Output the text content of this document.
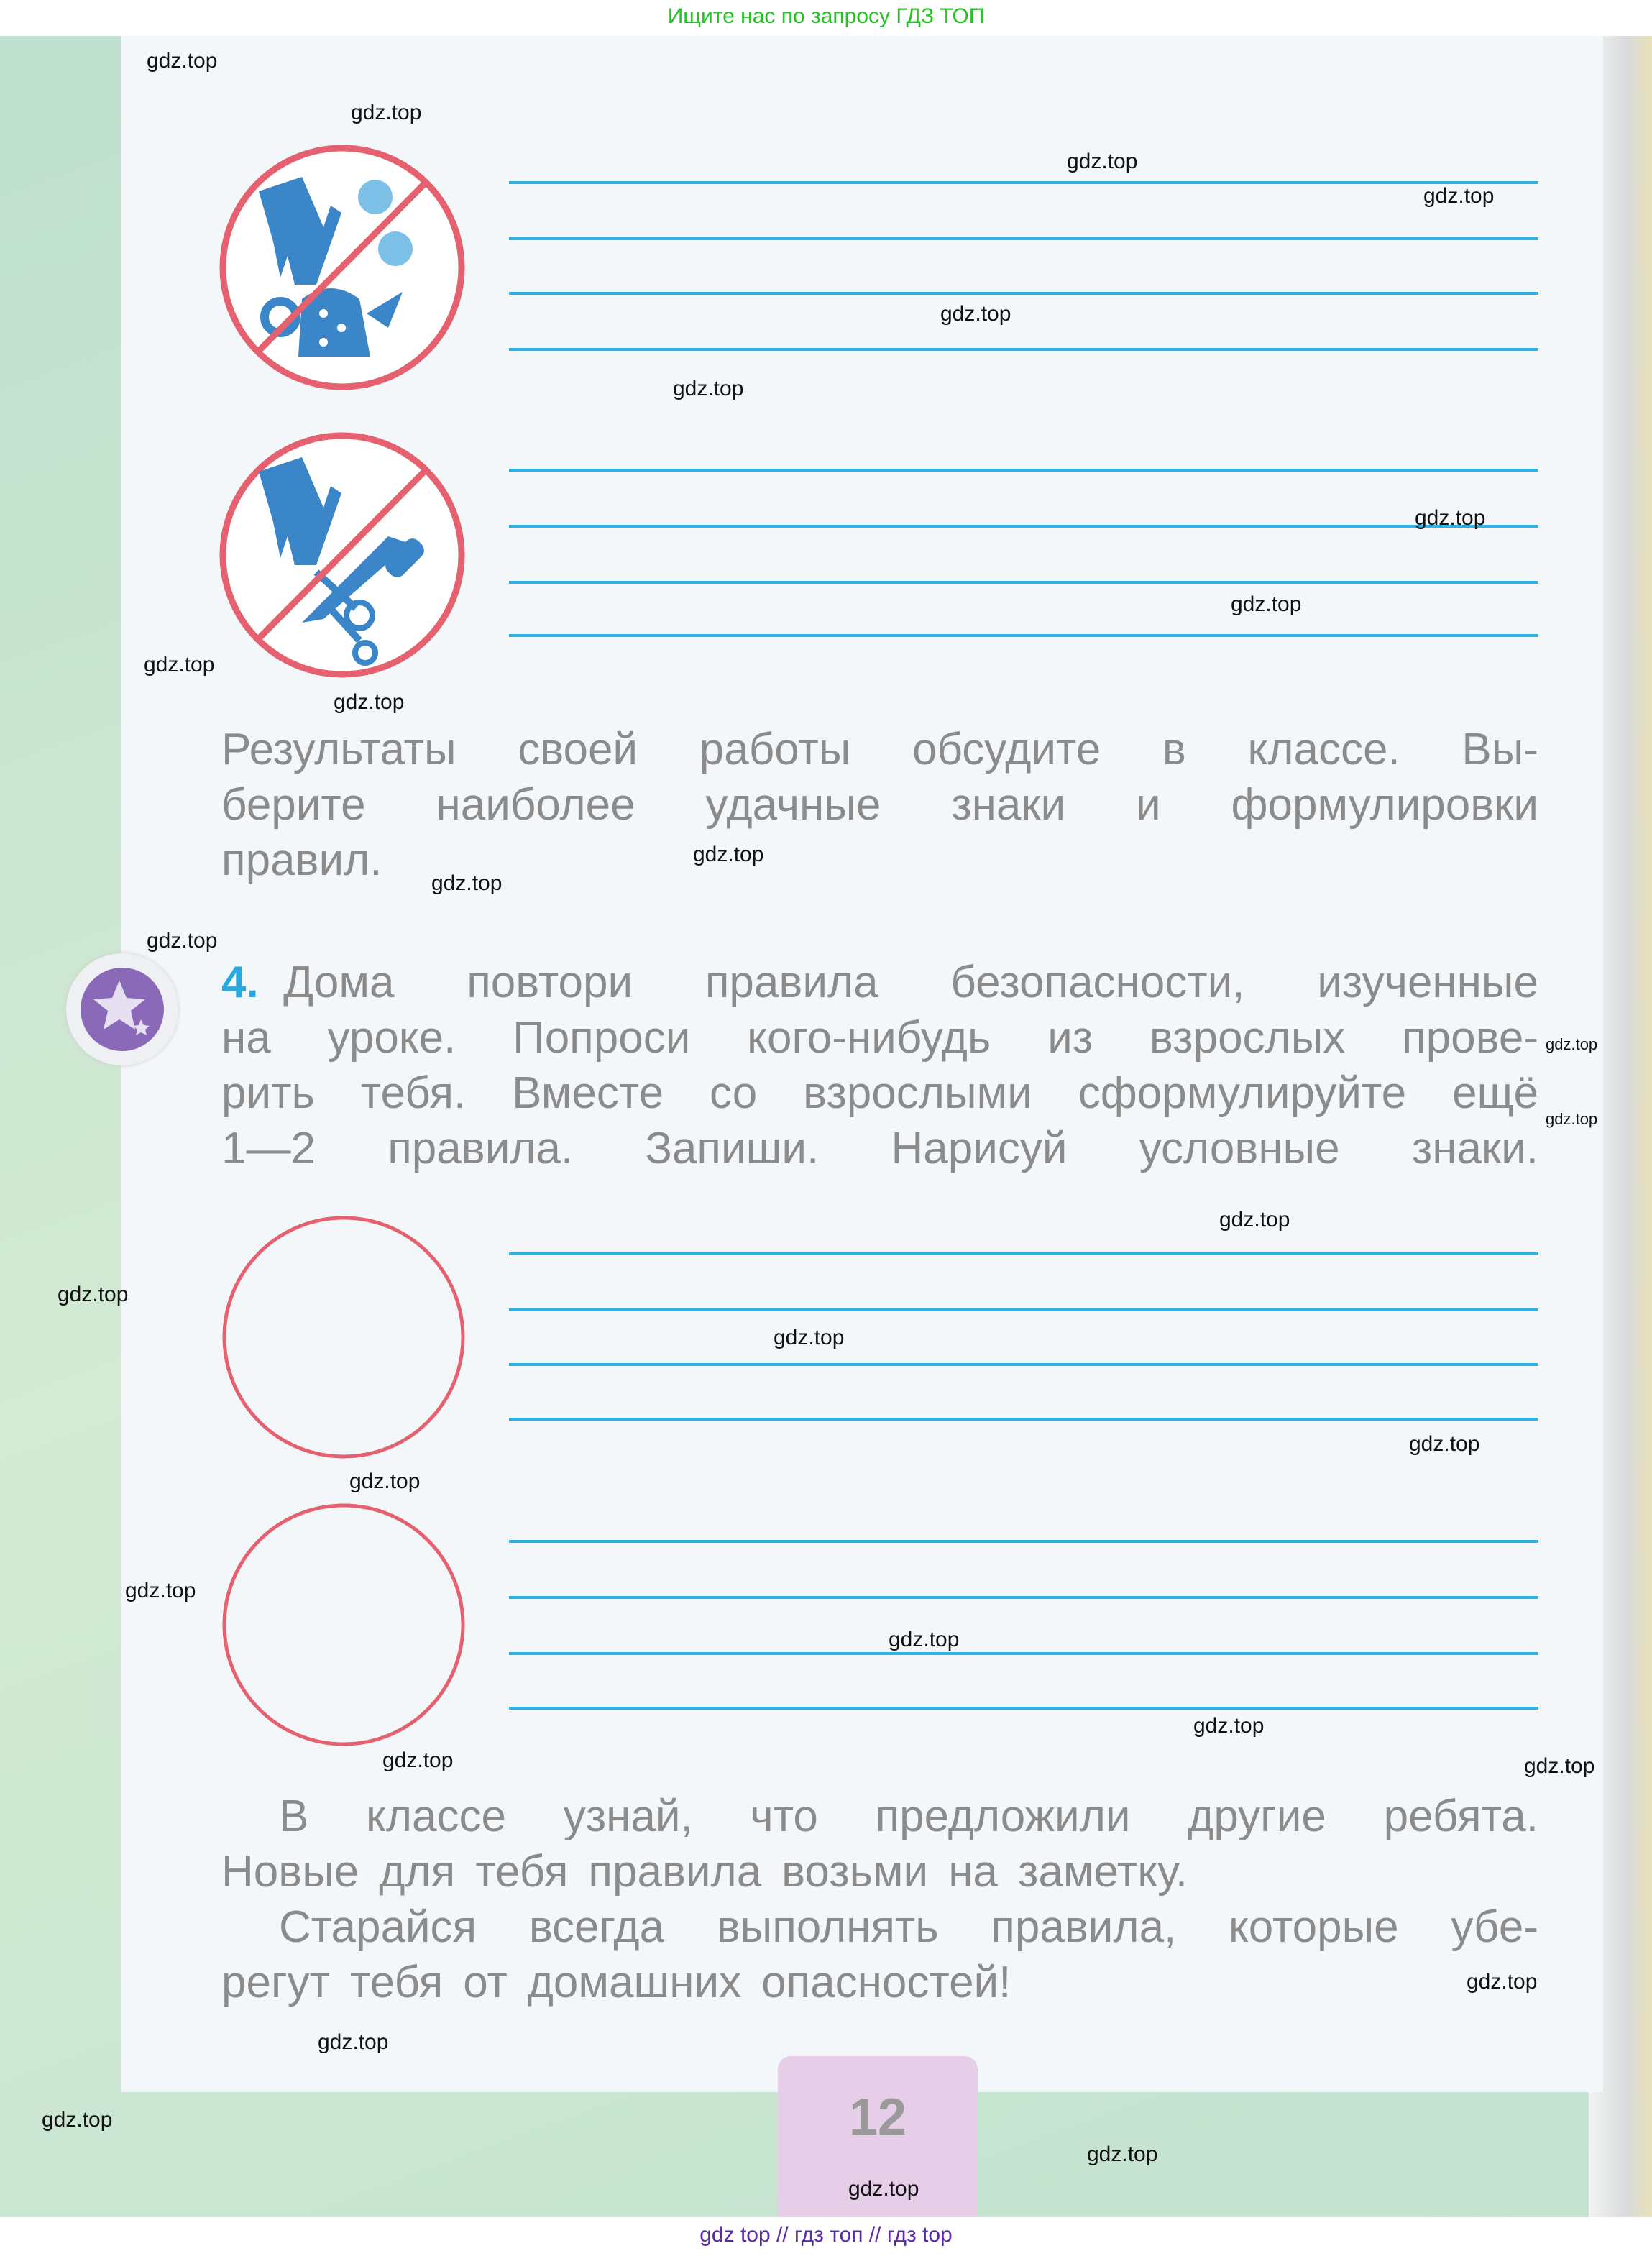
Ищите нас по запросу ГДЗ ТОП
Результаты своей работы обсудите в классе. Вы-
берите наиболее удачные знаки и формулировки
правил.
4.
Дома повтори правила безопасности, изученные
на уроке. Попроси кого-нибудь из взрослых прове-
рить тебя. Вместе со взрослыми сформулируйте ещё
1—2 правила. Запиши. Нарисуй условные знаки.
В классе узнай, что предложили другие ребята.
Новые для тебя правила возьми на заметку.
Старайся всегда выполнять правила, которые убе-
регут тебя от домашних опасностей!
12
gdz.top
gdz.top
gdz.top
gdz.top
gdz.top
gdz.top
gdz.top
gdz.top
gdz.top
gdz.top
gdz.top
gdz.top
gdz.top
gdz.top
gdz.top
gdz.top
gdz.top
gdz.top
gdz.top
gdz.top
gdz.top
gdz.top
gdz.top
gdz.top	gdz.top
gdz.top
gdz.top
gdz.top
gdz.top
gdz.top
gdz top // гдз топ // гдз top
